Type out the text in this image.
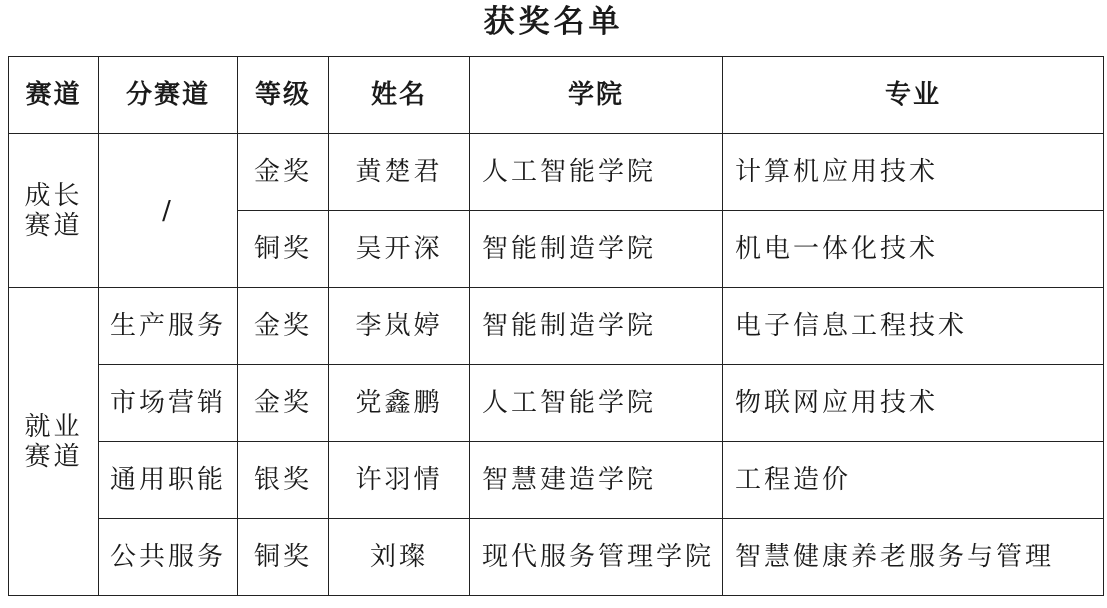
获奖名单
赛道	分赛道	等级	姓名	学院	专业

成长
赛道	/	金奖	黄楚君	人工智能学院	计算机应用技术
		铜奖	吴开深	智能制造学院	机电一体化技术

就业
赛道	生产服务	金奖	李岚婷	智能制造学院	电子信息工程技术
	市场营销	金奖	党鑫鹏	人工智能学院	物联网应用技术
	通用职能	银奖	许羽情	智慧建造学院	工程造价
	公共服务	铜奖	刘璨	现代服务管理学院	智慧健康养老服务与管理
